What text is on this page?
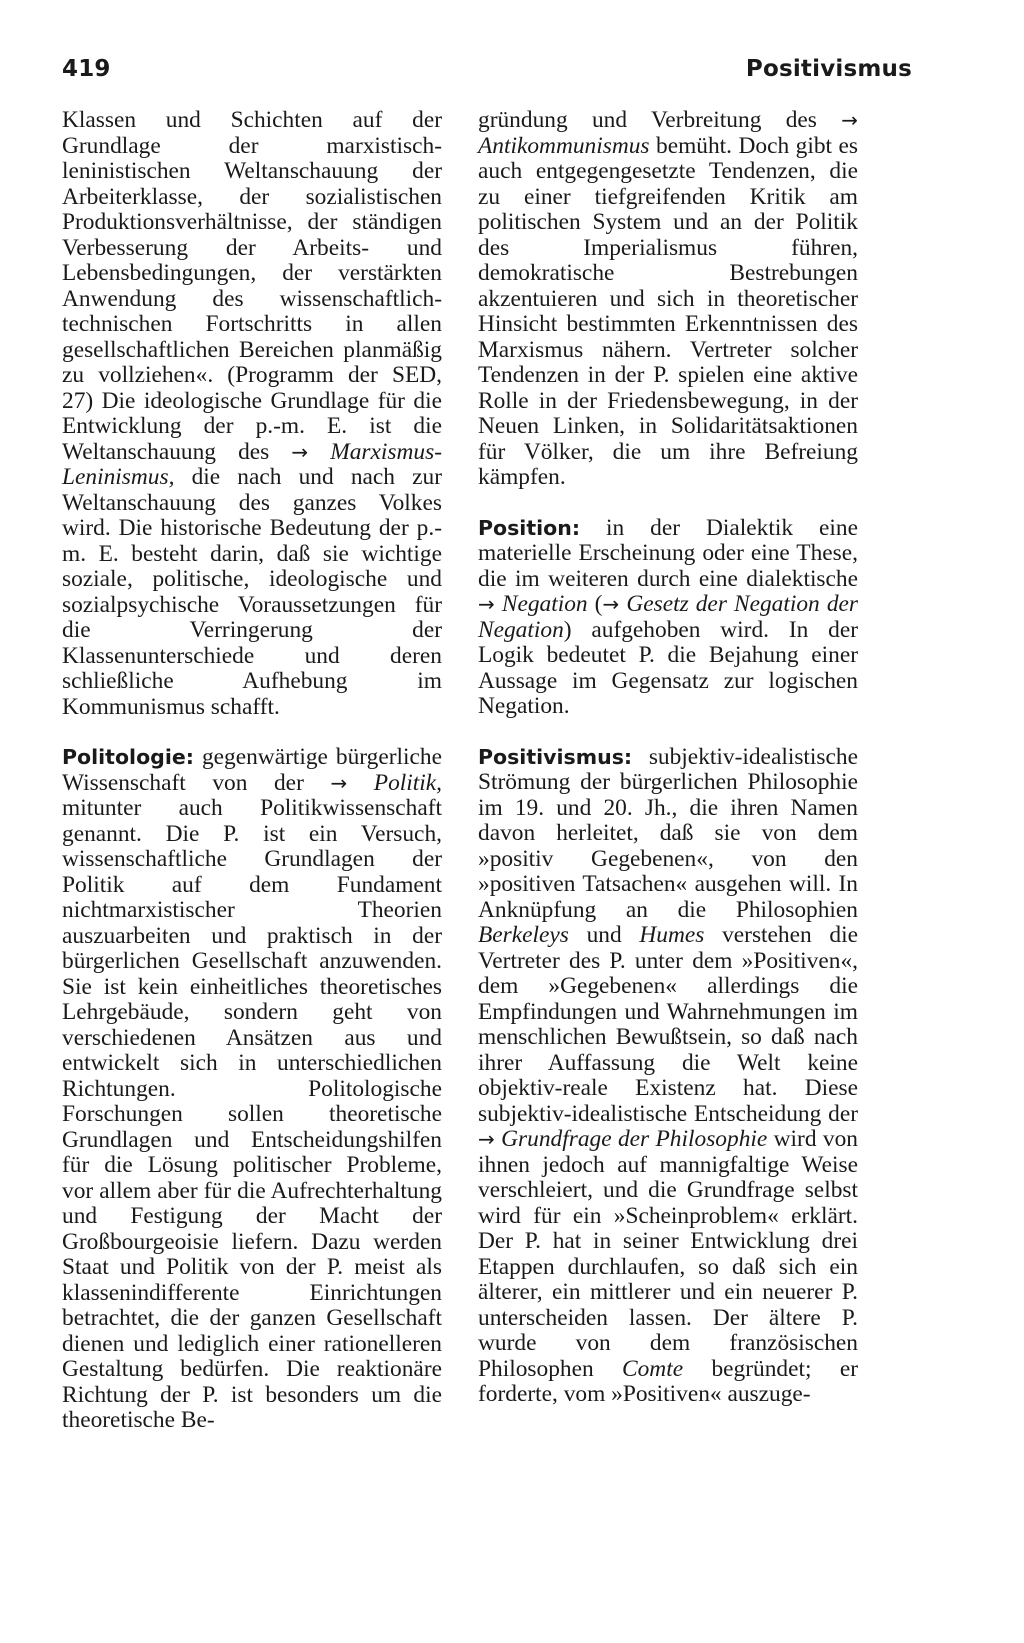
419	Positivismus

Klassen und Schichten auf der Grundlage der marxistisch-leninistischen Weltanschauung der Arbeiterklasse, der sozialistischen Produktionsverhältnisse, der ständigen Verbesserung der Arbeits- und Lebensbedingungen, der verstärkten Anwendung des wissenschaftlich-technischen Fortschritts in allen gesellschaftlichen Bereichen planmäßig zu vollziehen«. (Programm der SED, 27) Die ideologische Grundlage für die Entwicklung der p.-m. E. ist die Weltanschauung des → Marxismus-Leninismus, die nach und nach zur Weltanschauung des ganzes Volkes wird. Die historische Bedeutung der p.-m. E. besteht darin, daß sie wichtige soziale, politische, ideologische und sozialpsychische Voraussetzungen für die Verringerung der Klassenunterschiede und deren schließliche Aufhebung im Kommunismus schafft.

Politologie: gegenwärtige bürgerliche Wissenschaft von der → Politik, mitunter auch Politikwissenschaft genannt. Die P. ist ein Versuch, wissenschaftliche Grundlagen der Politik auf dem Fundament nichtmarxistischer Theorien auszuarbeiten und praktisch in der bürgerlichen Gesellschaft anzuwenden. Sie ist kein einheitliches theoretisches Lehrgebäude, sondern geht von verschiedenen Ansätzen aus und entwickelt sich in unterschiedlichen Richtungen. Politologische Forschungen sollen theoretische Grundlagen und Entscheidungshilfen für die Lösung politischer Probleme, vor allem aber für die Aufrechterhaltung und Festigung der Macht der Großbourgeoisie liefern. Dazu werden Staat und Politik von der P. meist als klassenindifferente Einrichtungen betrachtet, die der ganzen Gesellschaft dienen und lediglich einer rationelleren Gestaltung bedürfen. Die reaktionäre Richtung der P. ist besonders um die theoretische Be-

gründung und Verbreitung des → Antikommunismus bemüht. Doch gibt es auch entgegengesetzte Tendenzen, die zu einer tiefgreifenden Kritik am politischen System und an der Politik des Imperialismus führen, demokratische Bestrebungen akzentuieren und sich in theoretischer Hinsicht bestimmten Erkenntnissen des Marxismus nähern. Vertreter solcher Tendenzen in der P. spielen eine aktive Rolle in der Friedensbewegung, in der Neuen Linken, in Solidaritätsaktionen für Völker, die um ihre Befreiung kämpfen.

Position: in der Dialektik eine materielle Erscheinung oder eine These, die im weiteren durch eine dialektische → Negation (→ Gesetz der Negation der Negation) aufgehoben wird. In der Logik bedeutet P. die Bejahung einer Aussage im Gegensatz zur logischen Negation.

Positivismus: subjektiv-idealistische Strömung der bürgerlichen Philosophie im 19. und 20. Jh., die ihren Namen davon herleitet, daß sie von dem »positiv Gegebenen«, von den »positiven Tatsachen« ausgehen will. In Anknüpfung an die Philosophien Berkeleys und Humes verstehen die Vertreter des P. unter dem »Positiven«, dem »Gegebenen« allerdings die Empfindungen und Wahrnehmungen im menschlichen Bewußtsein, so daß nach ihrer Auffassung die Welt keine objektiv-reale Existenz hat. Diese subjektiv-idealistische Entscheidung der → Grundfrage der Philosophie wird von ihnen jedoch auf mannigfaltige Weise verschleiert, und die Grundfrage selbst wird für ein »Scheinproblem« erklärt. Der P. hat in seiner Entwicklung drei Etappen durchlaufen, so daß sich ein älterer, ein mittlerer und ein neuerer P. unterscheiden lassen. Der ältere P. wurde von dem französischen Philosophen Comte begründet; er forderte, vom »Positiven« auszuge-
